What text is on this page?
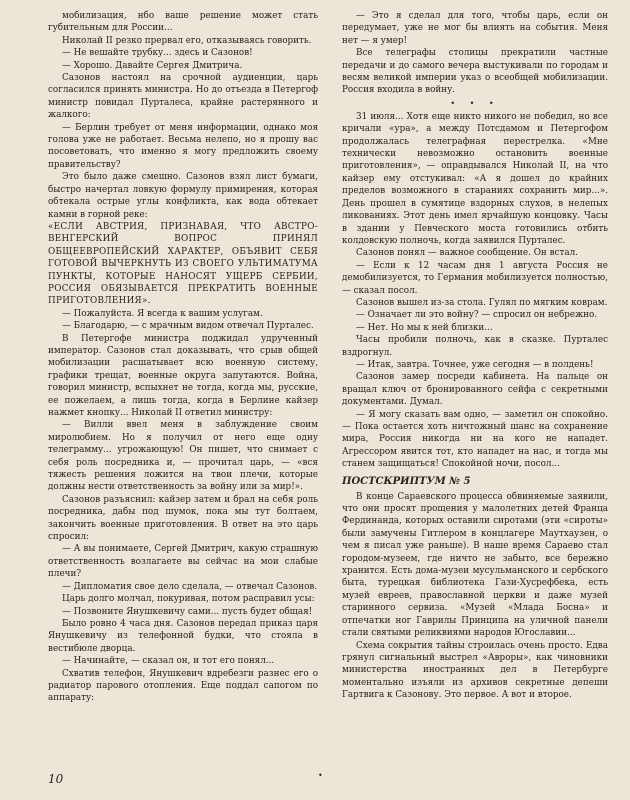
мобилизация, нбо ваше решение может стать губительным для России...

Николай II резко прервал его, отказываясь говорить.

— Не вешайте трубку... здесь и Сазонов!

— Хорошо. Давайте Сергея Дмитрича.

Сазонов настоял на срочной аудиенции, царь согласился принять министра. Но до отъезда в Петергоф министр повидал Пурталеса, крайне растерянного и жалкого:

— Берлин требует от меня информации, однако моя голова уже не работает. Весьма нелепо, но я прошу вас посоветовать, что именно я могу предложить своему правительству?

Это было даже смешно. Сазонов взял лист бумаги, быстро начертал ловкую формулу примирения, которая обтекала острые углы конфликта, как вода обтекает камни в горной реке:

«ЕСЛИ АВСТРИЯ, ПРИЗНАВАЯ, ЧТО АВСТРО-ВЕНГЕРСКИЙ ВОПРОС ПРИНЯЛ ОБЩЕЕВРОПЕЙСКИЙ ХАРАКТЕР, ОБЪЯВИТ СЕБЯ ГОТОВОЙ ВЫЧЕРКНУТЬ ИЗ СВОЕГО УЛЬТИМАТУМА ПУНКТЫ, КОТОРЫЕ НАНОСЯТ УЩЕРБ СЕРБИИ, РОССИЯ ОБЯЗЫВАЕТСЯ ПРЕКРАТИТЬ ВОЕННЫЕ ПРИГОТОВЛЕНИЯ».

— Пожалуйста. Я всегда к вашим услугам.

— Благодарю, — с мрачным видом отвечал Пурталес.

В Петергофе министра поджидал удрученный император. Сазонов стал доказывать, что срыв общей мобилизации расшатывает всю военную систему, графики трещат, военные округа запутаются. Война, говорил министр, вспыхнет не тогда, когда мы, русские, ее пожелаем, а лишь тогда, когда в Берлине кайзер нажмет кнопку... Николай II ответил министру:

— Вилли ввел меня в заблуждение своим миролюбием. Но я получил от него еще одну телеграмму... угрожающую! Он пишет, что снимает с себя роль посредника и, — прочитал царь, — «вся тяжесть решения ложится на твои плечи, которые должны нести ответственность за войну или за мир!».

Сазонов разъяснил: кайзер затем и брал на себя роль посредника, дабы под шумок, пока мы тут болтаем, закончить военные приготовления. В ответ на это царь спросил:

— А вы понимаете, Сергей Дмитрич, какую страшную ответственность возлагаете вы сейчас на мои слабые плечи?

— Дипломатия свое дело сделала, — отвечал Сазонов.

Царь долго молчал, покуривая, потом расправил усы:

— Позвоните Янушкевичу сами... пусть будет общая!

Было ровно 4 часа дня. Сазонов передал приказ царя Янушкевичу из телефонной будки, что стояла в вестибюле дворца.

— Начинайте, — сказал он, и тот его понял...

Схватив телефон, Янушкевич вдребезги разнес его о радиатор парового отопления. Еще поддал сапогом по аппарату:

— Это я сделал для того, чтобы царь, если он передумает, уже не мог бы влиять на события. Меня нет — я умер!

Все телеграфы столицы прекратили частные передачи и до самого вечера выстукивали по городам и весям великой империи указ о всеобщей мобилизации. Россия входила в войну.

• • •

31 июля... Хотя еще никто никого не победил, но все кричали «ура», а между Потсдамом и Петергофом продолжалась телеграфная перестрелка. «Мне технически невозможно остановить военные приготовления», — оправдывался Николай II, на что кайзер ему отстукивал: «А я дошел до крайних пределов возможного в стараниях сохранить мир...». День прошел в сумятице вздорных слухов, в нелепых ликованиях. Этот день имел ярчайшую концовку. Часы в здании у Певческого моста готовились отбить колдовскую полночь, когда заявился Пурталес.

Сазонов понял — важное сообщение. Он встал.

— Если к 12 часам дня 1 августа Россия не демобилизуется, то Германия мобилизуется полностью, — сказал посол.

Сазонов вышел из-за стола. Гулял по мягким коврам.

— Означает ли это войну? — спросил он небрежно.

— Нет. Но мы к ней близки...

Часы пробили полночь, как в сказке. Пурталес вздрогнул.

— Итак, завтра. Точнее, уже сегодня — в полдень!

Сазонов замер посреди кабинета. На пальце он вращал ключ от бронированного сейфа с секретными документами. Думал.

— Я могу сказать вам одно, — заметил он спокойно. — Пока остается хоть ничтожный шанс на сохранение мира, Россия никогда ни на кого не нападет. Агрессором явится тот, кто нападет на нас, и тогда мы станем защищаться! Спокойной ночи, посол...

ПОСТСКРИПТУМ № 5

В конце Сараевского процесса обвиняемые заявили, что они просят прощения у малолетних детей Франца Фердинанда, которых оставили сиротами (эти «сироты» были замучены Гитлером в концлагере Маутхаузен, о чем я писал уже раньше). В наше время Сараево стал городом-музеем, где ничто не забыто, все бережно хранится. Есть дома-музеи мусульманского и сербского быта, турецкая библиотека Гази-Хусрефбека, есть музей евреев, православной церкви и даже музей старинного сервиза. «Музей «Млада Босна» и отпечатки ног Гаврилы Принципа на уличной панели стали святыми реликвиями народов Югославии...

Схема сокрытия тайны строилась очень просто. Едва грянул сигнальный выстрел «Авроры», как чиновники министерства иностранных дел в Петербурге моментально изъяли из архивов секретные депеши Гартвига к Сазонову. Это первое. А вот и второе.

•
10
